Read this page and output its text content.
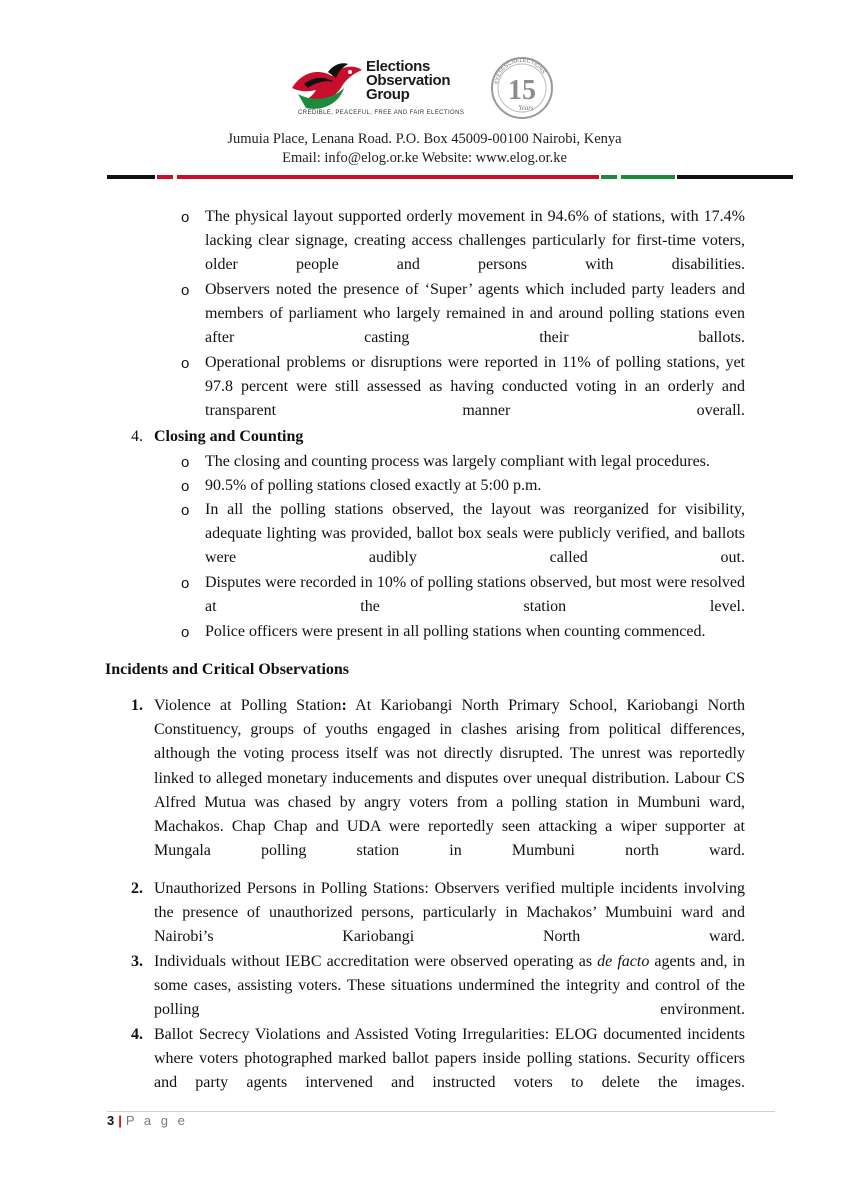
Elections
Observation
Group
CREDIBLE, PEACEFUL, FREE AND FAIR ELECTIONS
#YESESCNELECTIONS
15
Years
Jumuia Place, Lenana Road. P.O. Box 45009-00100 Nairobi, Kenya
Email: info@elog.or.ke Website: www.elog.or.ke
o The physical layout supported orderly movement in 94.6% of stations, with 17.4% lacking clear signage, creating access challenges particularly for first-time voters, older people and persons with disabilities.
o Observers noted the presence of ‘Super’ agents which included party leaders and members of parliament who largely remained in and around polling stations even after casting their ballots.
o Operational problems or disruptions were reported in 11% of polling stations, yet 97.8 percent were still assessed as having conducted voting in an orderly and transparent manner overall.
4. Closing and Counting
o The closing and counting process was largely compliant with legal procedures.
o 90.5% of polling stations closed exactly at 5:00 p.m.
o In all the polling stations observed, the layout was reorganized for visibility, adequate lighting was provided, ballot box seals were publicly verified, and ballots were audibly called out.
o Disputes were recorded in 10% of polling stations observed, but most were resolved at the station level.
o Police officers were present in all polling stations when counting commenced.
Incidents and Critical Observations
1. Violence at Polling Station: At Kariobangi North Primary School, Kariobangi North Constituency, groups of youths engaged in clashes arising from political differences, although the voting process itself was not directly disrupted. The unrest was reportedly linked to alleged monetary inducements and disputes over unequal distribution. Labour CS Alfred Mutua was chased by angry voters from a polling station in Mumbuni ward, Machakos. Chap Chap and UDA were reportedly seen attacking a wiper supporter at Mungala polling station in Mumbuni north ward.
2. Unauthorized Persons in Polling Stations: Observers verified multiple incidents involving the presence of unauthorized persons, particularly in Machakos’ Mumbuini ward and Nairobi’s Kariobangi North ward.
3. Individuals without IEBC accreditation were observed operating as de facto agents and, in some cases, assisting voters. These situations undermined the integrity and control of the polling environment.
4. Ballot Secrecy Violations and Assisted Voting Irregularities: ELOG documented incidents where voters photographed marked ballot papers inside polling stations. Security officers and party agents intervened and instructed voters to delete the images.
3 | P a g e
